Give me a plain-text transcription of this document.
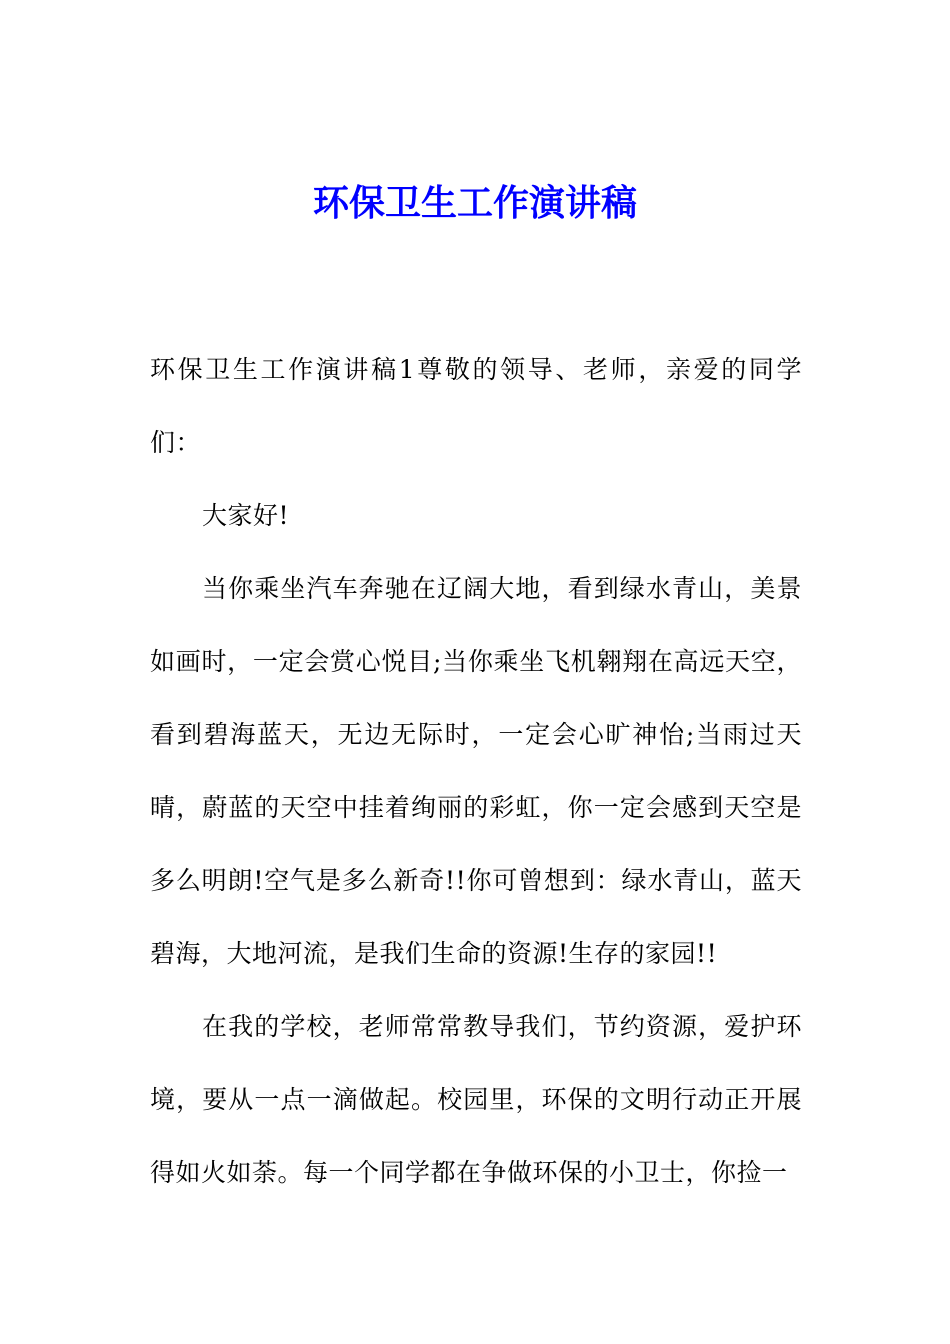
环保卫生工作演讲稿

环保卫生工作演讲稿1尊敬的领导、老师，亲爱的同学们：

大家好!

当你乘坐汽车奔驰在辽阔大地，看到绿水青山，美景如画时，一定会赏心悦目;当你乘坐飞机翱翔在高远天空，看到碧海蓝天，无边无际时，一定会心旷神怡;当雨过天晴，蔚蓝的天空中挂着绚丽的彩虹，你一定会感到天空是多么明朗!空气是多么新奇!!你可曾想到：绿水青山，蓝天碧海，大地河流，是我们生命的资源!生存的家园!!

在我的学校，老师常常教导我们，节约资源，爱护环境，要从一点一滴做起。校园里，环保的文明行动正开展得如火如荼。每一个同学都在争做环保的小卫士，你捡一
